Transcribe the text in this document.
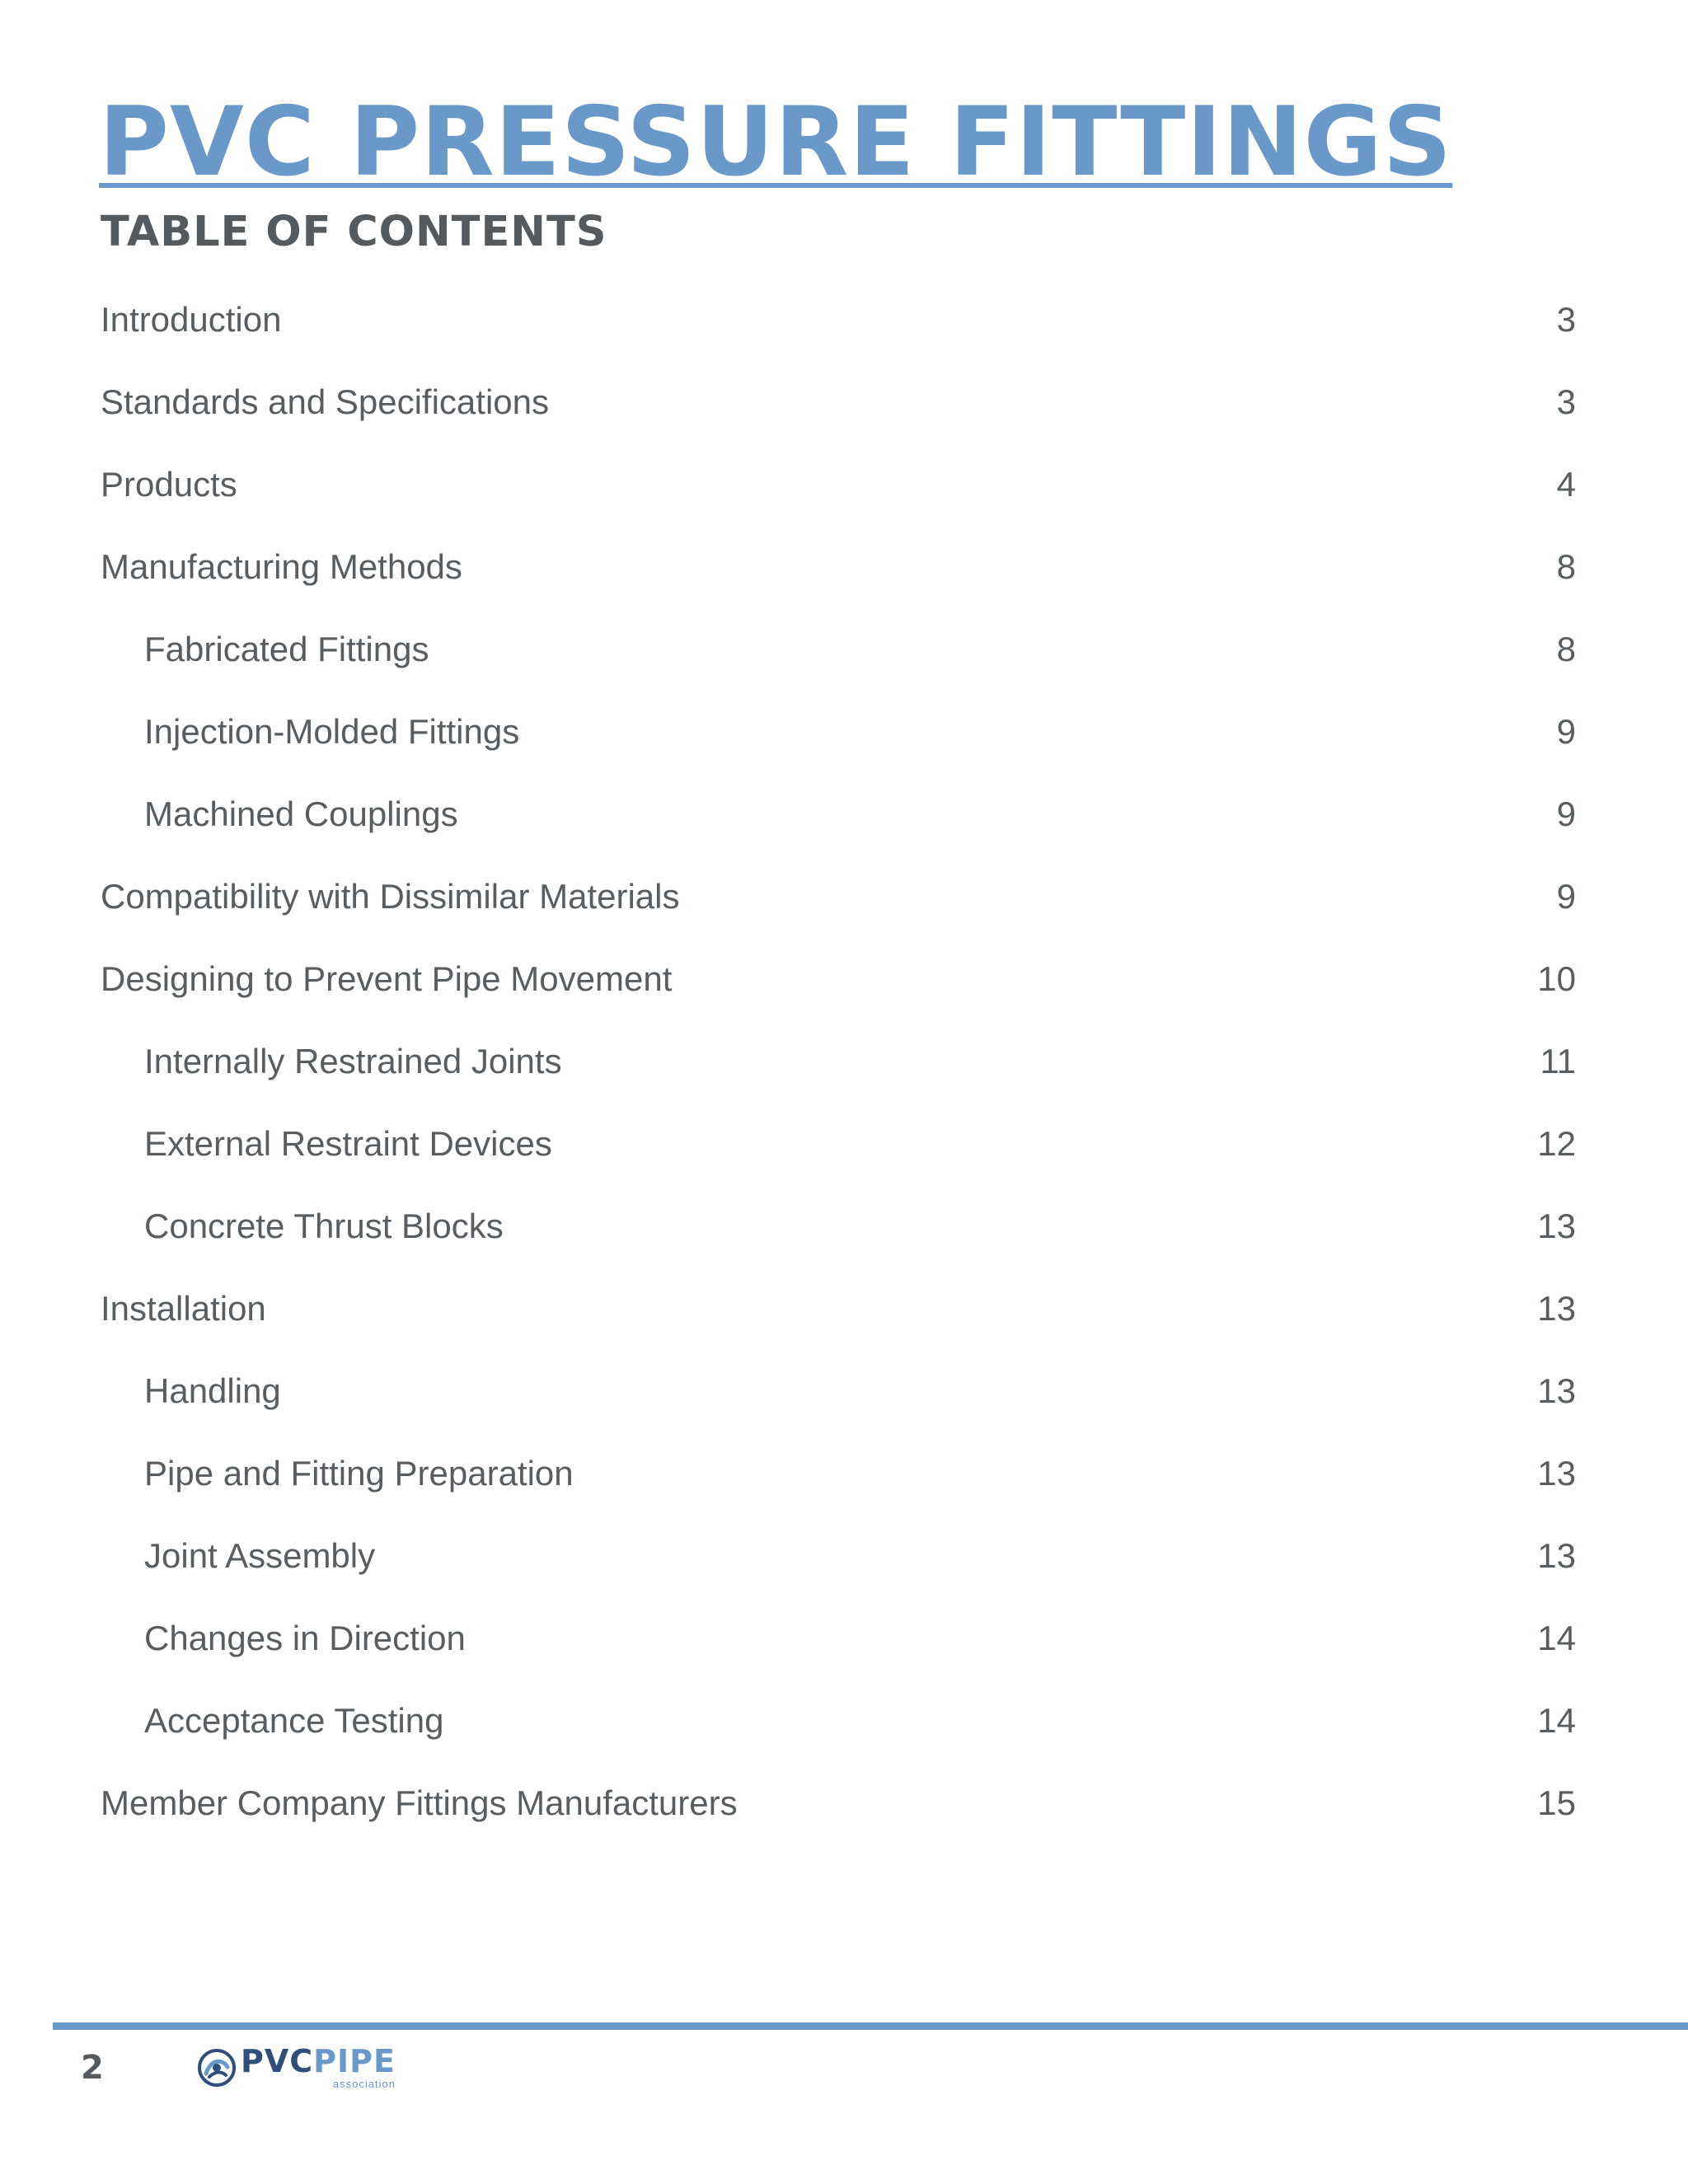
PVC PRESSURE FITTINGS
TABLE OF CONTENTS
Introduction	3
Standards and Specifications	3
Products	4
Manufacturing Methods	8
Fabricated Fittings	8
Injection-Molded Fittings	9
Machined Couplings	9
Compatibility with Dissimilar Materials	9
Designing to Prevent Pipe Movement	10
Internally Restrained Joints	11
External Restraint Devices	12
Concrete Thrust Blocks	13
Installation	13
Handling	13
Pipe and Fitting Preparation	13
Joint Assembly	13
Changes in Direction	14
Acceptance Testing	14
Member Company Fittings Manufacturers	15
2	PVCPIPE
association
